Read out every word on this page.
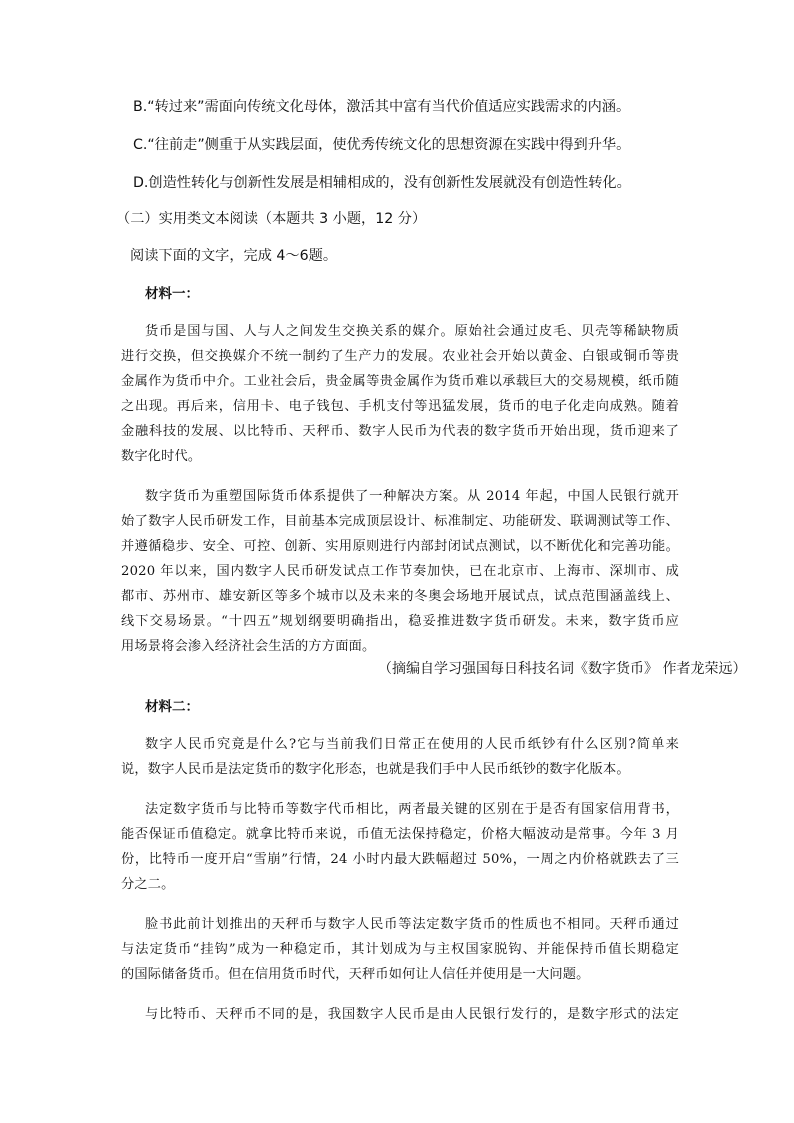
B.“转过来”需面向传统文化母体，激活其中富有当代价值适应实践需求的内涵。
C.“往前走”侧重于从实践层面，使优秀传统文化的思想资源在实践中得到升华。
D.创造性转化与创新性发展是相辅相成的，没有创新性发展就没有创造性转化。
（二）实用类文本阅读（本题共 3 小题，12 分）
阅读下面的文字，完成 4～6题。
材料一：
货币是国与国、人与人之间发生交换关系的媒介。原始社会通过皮毛、贝壳等稀缺物质
进行交换，但交换媒介不统一制约了生产力的发展。农业社会开始以黄金、白银或铜币等贵
金属作为货币中介。工业社会后，贵金属等贵金属作为货币难以承载巨大的交易规模，纸币随
之出现。再后来，信用卡、电子钱包、手机支付等迅猛发展，货币的电子化走向成熟。随着
金融科技的发展、以比特币、天秤币、数字人民币为代表的数字货币开始出现，货币迎来了
数字化时代。
数字货币为重塑国际货币体系提供了一种解决方案。从 2014 年起，中国人民银行就开
始了数字人民币研发工作，目前基本完成顶层设计、标准制定、功能研发、联调测试等工作、
并遵循稳步、安全、可控、创新、实用原则进行内部封闭试点测试，以不断优化和完善功能。
2020 年以来，国内数字人民币研发试点工作节奏加快，已在北京市、上海市、深圳市、成
都市、苏州市、雄安新区等多个城市以及未来的冬奥会场地开展试点，试点范围涵盖线上、
线下交易场景。“十四五”规划纲要明确指出，稳妥推进数字货币研发。未来，数字货币应
用场景将会渗入经济社会生活的方方面面。
（摘编自学习强国每日科技名词《数字货币》 作者龙荣远）
材料二：
数字人民币究竟是什么?它与当前我们日常正在使用的人民币纸钞有什么区别?简单来
说，数字人民币是法定货币的数字化形态，也就是我们手中人民币纸钞的数字化版本。
法定数字货币与比特币等数字代币相比，两者最关键的区别在于是否有国家信用背书，
能否保证币值稳定。就拿比特币来说，币值无法保持稳定，价格大幅波动是常事。今年 3 月
份，比特币一度开启“雪崩”行情，24 小时内最大跌幅超过 50%，一周之内价格就跌去了三
分之二。
脸书此前计划推出的天秤币与数字人民币等法定数字货币的性质也不相同。天秤币通过
与法定货币“挂钩”成为一种稳定币，其计划成为与主权国家脱钩、并能保持币值长期稳定
的国际储备货币。但在信用货币时代，天秤币如何让人信任并使用是一大问题。
与比特币、天秤币不同的是，我国数字人民币是由人民银行发行的，是数字形式的法定
